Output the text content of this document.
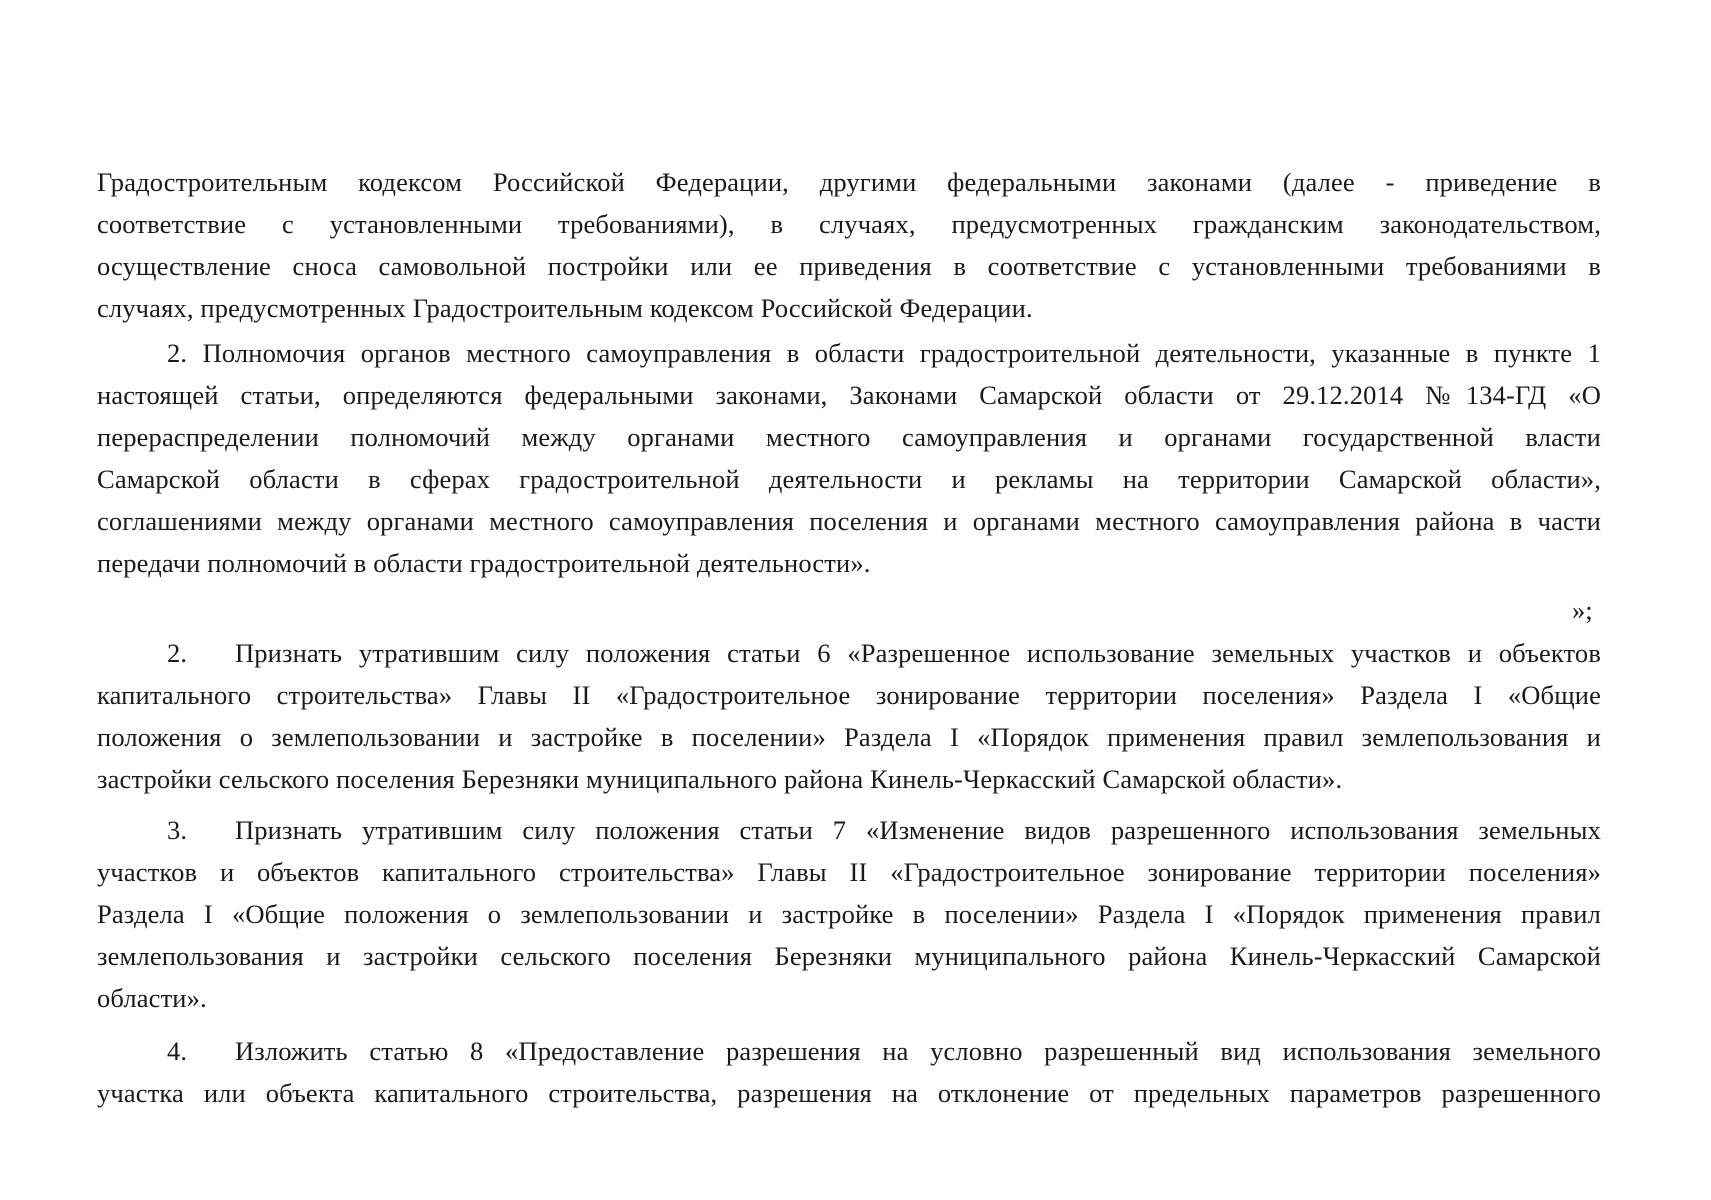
Градостроительным кодексом Российской Федерации, другими федеральными законами (далее - приведение в
соответствие с установленными требованиями), в случаях, предусмотренных гражданским законодательством,
осуществление сноса самовольной постройки или ее приведения в соответствие с установленными требованиями в
случаях, предусмотренных Градостроительным кодексом Российской Федерации.
2. Полномочия органов местного самоуправления в области градостроительной деятельности, указанные в пункте 1
настоящей статьи, определяются федеральными законами, Законами Самарской области от 29.12.2014 №134-ГД «О
перераспределении полномочий между органами местного самоуправления и органами государственной власти
Самарской области в сферах градостроительной деятельности и рекламы на территории Самарской области»,
соглашениями между органами местного самоуправления поселения и органами местного самоуправления района в части
передачи полномочий в области градостроительной деятельности».
»;
2. Признать утратившим силу положения статьи 6 «Разрешенное использование земельных участков и объектов
капитального строительства» Главы II «Градостроительное зонирование территории поселения» Раздела I «Общие
положения о землепользовании и застройке в поселении» Раздела I «Порядок применения правил землепользования и
застройки сельского поселения Березняки муниципального района Кинель-Черкасский Самарской области».
3. Признать утратившим силу положения статьи 7 «Изменение видов разрешенного использования земельных
участков и объектов капитального строительства» Главы II «Градостроительное зонирование территории поселения»
Раздела I «Общие положения о землепользовании и застройке в поселении» Раздела I «Порядок применения правил
землепользования и застройки сельского поселения Березняки муниципального района Кинель-Черкасский Самарской
области».
4. Изложить статью 8 «Предоставление разрешения на условно разрешенный вид использования земельного
участка или объекта капитального строительства, разрешения на отклонение от предельных параметров разрешенного
